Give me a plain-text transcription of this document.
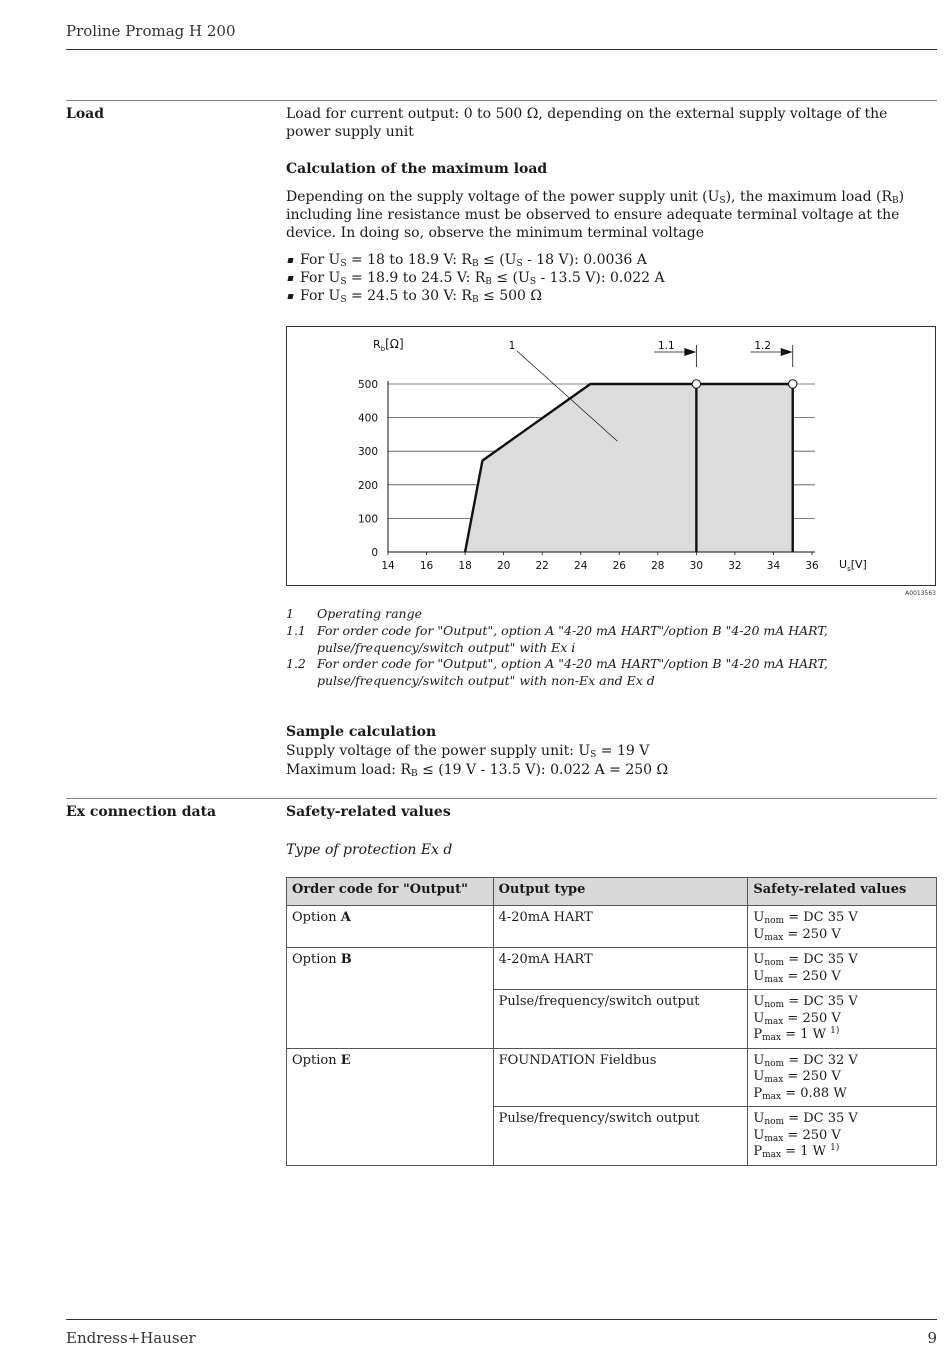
Proline Promag H 200
Load	Load for current output: 0 to 500 Ω, depending on the external supply voltage of the power supply unit
Calculation of the maximum load
Depending on the supply voltage of the power supply unit $(U_S)$, the maximum load $(R_B)$ including line resistance must be observed to ensure adequate terminal voltage at the device. In doing so, observe the minimum terminal voltage
For $U_S = 18$ to 18.9 V: $R_B \le (U_S - 18$ V): 0.0036 A
For $U_S = 18.9$ to 24.5 V: $R_B \le (U_S - 13.5$ V): 0.022 A
For $U_S = 24.5$ to 30 V: $R_B \le 500$ Ω
1.1	1.2
1
14 16 18 20 22 24 26 28 30 32 34 36
0
100
200
300
400
500
$R_b[\Omega]$
$U_s[V]$
A0013563
1 Operating range
1.1 For order code for "Output", option A "4-20 mA HART"/option B "4-20 mA HART, pulse/frequency/switch output" with Ex i
1.2 For order code for "Output", option A "4-20 mA HART"/option B "4-20 mA HART, pulse/frequency/switch output" with non-Ex and Ex d
Sample calculation
Supply voltage of the power supply unit: $U_S = 19$ V
Maximum load: $R_B \le (19$ V - 13.5 V): 0.022 A = 250 Ω
Ex connection data	Safety-related values
Type of protection Ex d
Order code for "Output"	Output type	Safety-related values
Option A	4-20mA HART	$U_{nom}$ = DC 35 V
$U_{max} = 250$ V

Option B	4-20mA HART	$U_{nom}$ = DC 35 V
$U_{max} = 250$ V

	Pulse/frequency/switch output	$U_{nom}$ = DC 35 V
$U_{max} = 250$ V
$P_{max} = 1$ W $^{1)}$

Option E	FOUNDATION Fieldbus	$U_{nom}$ = DC 32 V
$U_{max} = 250$ V
$P_{max} = 0.88$ W

	Pulse/frequency/switch output	$U_{nom}$ = DC 35 V
$U_{max} = 250$ V
$P_{max} = 1$ W $^{1)}$
Endress+Hauser	9
